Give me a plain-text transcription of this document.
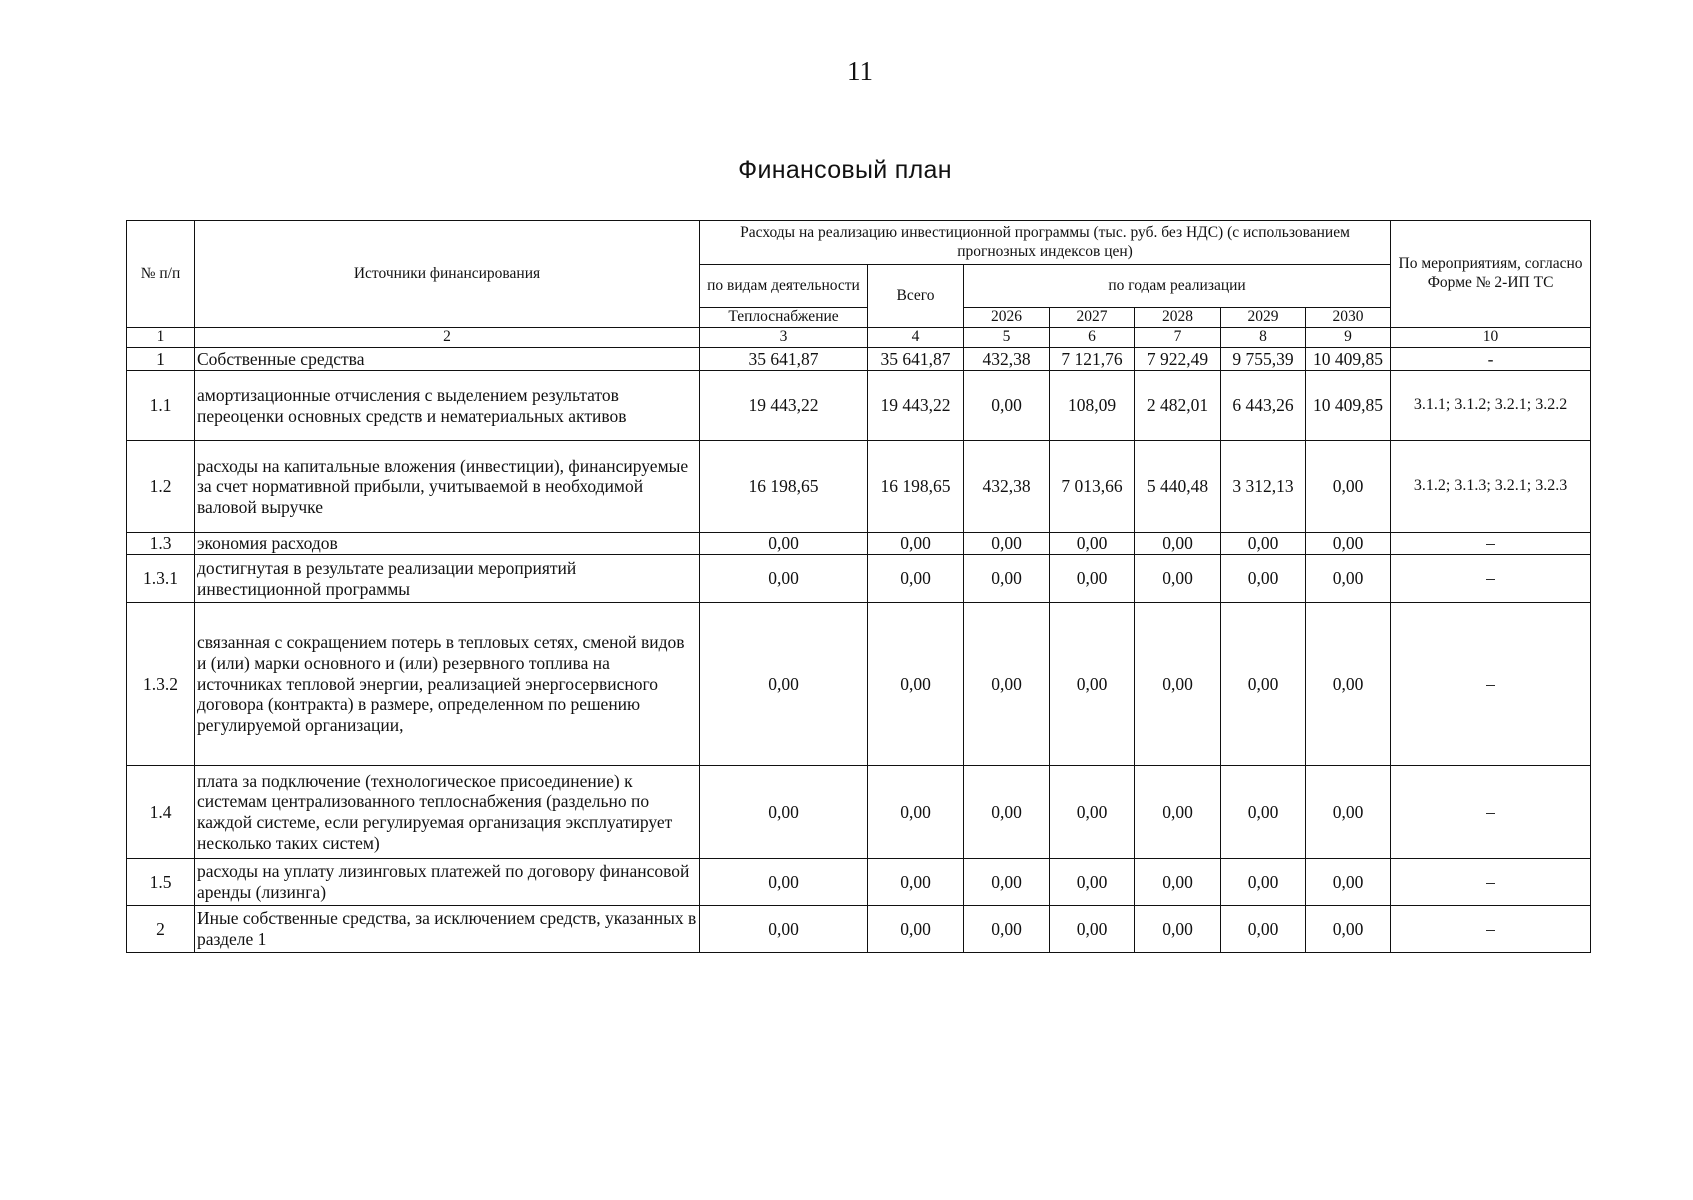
11
Финансовый план
№ п/п	Источники финансирования	Расходы на реализацию инвестиционной программы (тыс. руб. без НДС) (с использованием прогнозных индексов цен)							По мероприятиям, согласно Форме № 2-ИП ТС
		по видам деятельности	Всего	по годам реализации					
		Теплоснабжение		2026	2027	2028	2029	2030	
1	2	3	4	5	6	7	8	9	10
1	Собственные средства	35 641,87	35 641,87	432,38	7 121,76	7 922,49	9 755,39	10 409,85	-
1.1	амортизационные отчисления с выделением результатов переоценки основных средств и нематериальных активов	19 443,22	19 443,22	0,00	108,09	2 482,01	6 443,26	10 409,85	3.1.1; 3.1.2; 3.2.1; 3.2.2
1.2	расходы на капитальные вложения (инвестиции), финансируемые за счет нормативной прибыли, учитываемой в необходимой валовой выручке	16 198,65	16 198,65	432,38	7 013,66	5 440,48	3 312,13	0,00	3.1.2; 3.1.3; 3.2.1; 3.2.3
1.3	экономия расходов	0,00	0,00	0,00	0,00	0,00	0,00	0,00	–
1.3.1	достигнутая в результате реализации мероприятий инвестиционной программы	0,00	0,00	0,00	0,00	0,00	0,00	0,00	–
1.3.2	связанная с сокращением потерь в тепловых сетях, сменой видов и (или) марки основного и (или) резервного топлива на источниках тепловой энергии, реализацией энергосервисного договора (контракта) в размере, определенном по решению регулируемой организации,	0,00	0,00	0,00	0,00	0,00	0,00	0,00	–
1.4	плата за подключение (технологическое присоединение) к системам централизованного теплоснабжения (раздельно по каждой системе, если регулируемая организация эксплуатирует несколько таких систем)	0,00	0,00	0,00	0,00	0,00	0,00	0,00	–
1.5	расходы на уплату лизинговых платежей по договору финансовой аренды (лизинга)	0,00	0,00	0,00	0,00	0,00	0,00	0,00	–
2	Иные собственные средства, за исключением средств, указанных в разделе 1	0,00	0,00	0,00	0,00	0,00	0,00	0,00	–
